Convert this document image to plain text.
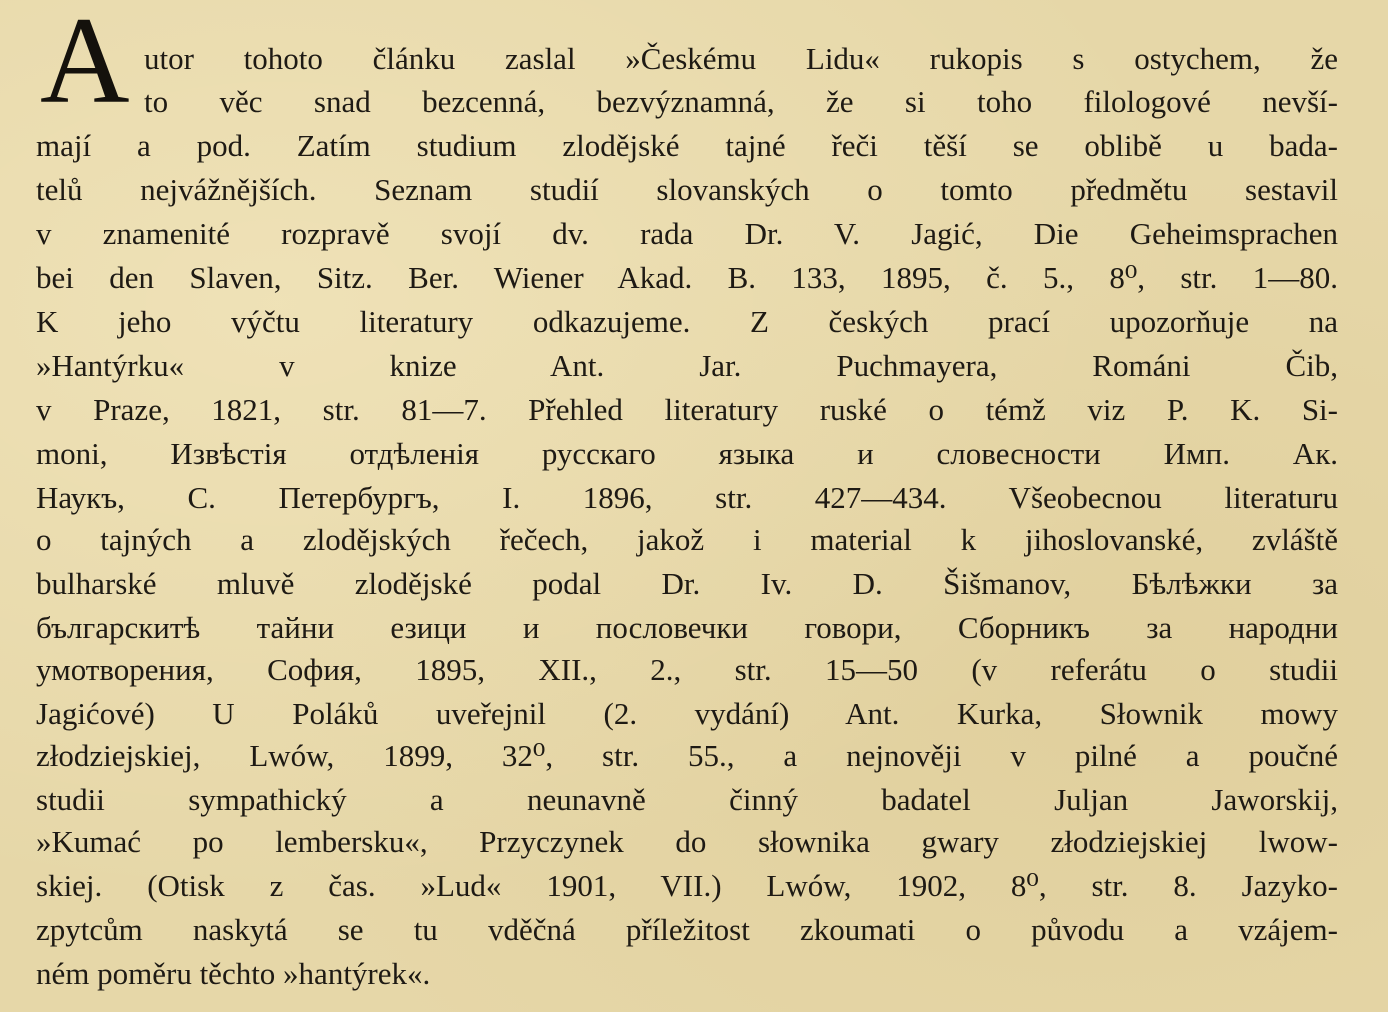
A utor tohoto článku zaslal »Českému Lidu« rukopis s ostychem, že
to věc snad bezcenná, bezvýznamná, že si toho filologové nevší-
mají a pod. Zatím studium zlodějské tajné řeči těší se oblibě u bada-
telů nejvážnějších. Seznam studií slovanských o tomto předmětu sestavil
v znamenité rozpravě svojí dv. rada Dr. V. Jagić, Die Geheimsprachen
bei den Slaven, Sitz. Ber. Wiener Akad. B. 133, 1895, č. 5., 8⁰, str. 1—80.
K jeho výčtu literatury odkazujeme. Z českých prací upozorňuje na
»Hantýrku« v knize Ant. Jar. Puchmayera, Románi Čib,
v Praze, 1821, str. 81—7. Přehled literatury ruské o témž viz P. K. Si-
moni, Извѣстія отдѣленія русскаго языка и словесности Имп. Ак.
Наукъ, С. Петербургъ, I. 1896, str. 427—434. Všeobecnou literaturu
o tajných a zlodějských řečech, jakož i material k jihoslovanské, zvláště
bulharské mluvě zlodějské podal Dr. Iv. D. Šišmanov, Бѣлѣжки за
българскитѣ тайни езици и пословечки говори, Сборникъ за народни
умотворения, София, 1895, XII., 2., str. 15—50 (v referátu o studii
Jagićové) U Poláků uveřejnil (2. vydání) Ant. Kurka, Słownik mowy
złodziejskiej, Lwów, 1899, 32⁰, str. 55., a nejnověji v pilné a poučné
studii sympathický a neunavně činný badatel Juljan Jaworskij,
»Kumać po lembersku«, Przyczynek do słownika gwary złodziejskiej lwow-
skiej. (Otisk z čas. »Lud« 1901, VII.) Lwów, 1902, 8⁰, str. 8. Jazyko-
zpytcům naskytá se tu vděčná příležitost zkoumati o původu a vzájem-
ném poměru těchto »hantýrek«.
